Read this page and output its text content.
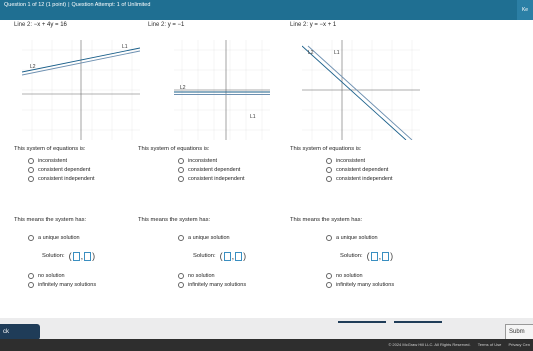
Question 1 of 12 (1 point) | Question Attempt: 1 of Unlimited
Ke
Line 2: −x + 4y = 16
L1
L2
This system of equations is:
inconsistent
consistent dependent
consistent independent
This means the system has:
a unique solution
Solution: ( , )
no solution
infinitely many solutions
Line 2: y = −1
L2
L1
This system of equations is:
inconsistent
consistent dependent
consistent independent
This means the system has:
a unique solution
Solution: ( , )
no solution
infinitely many solutions
Line 2: y = −x + 1
L2	L1
This system of equations is:
inconsistent
consistent dependent
consistent independent
This means the system has:
a unique solution
Solution: ( , )
no solution
infinitely many solutions
ck	Subm
© 2024 McGraw Hill LLC. All Rights Reserved. Terms of Use Privacy Cen
